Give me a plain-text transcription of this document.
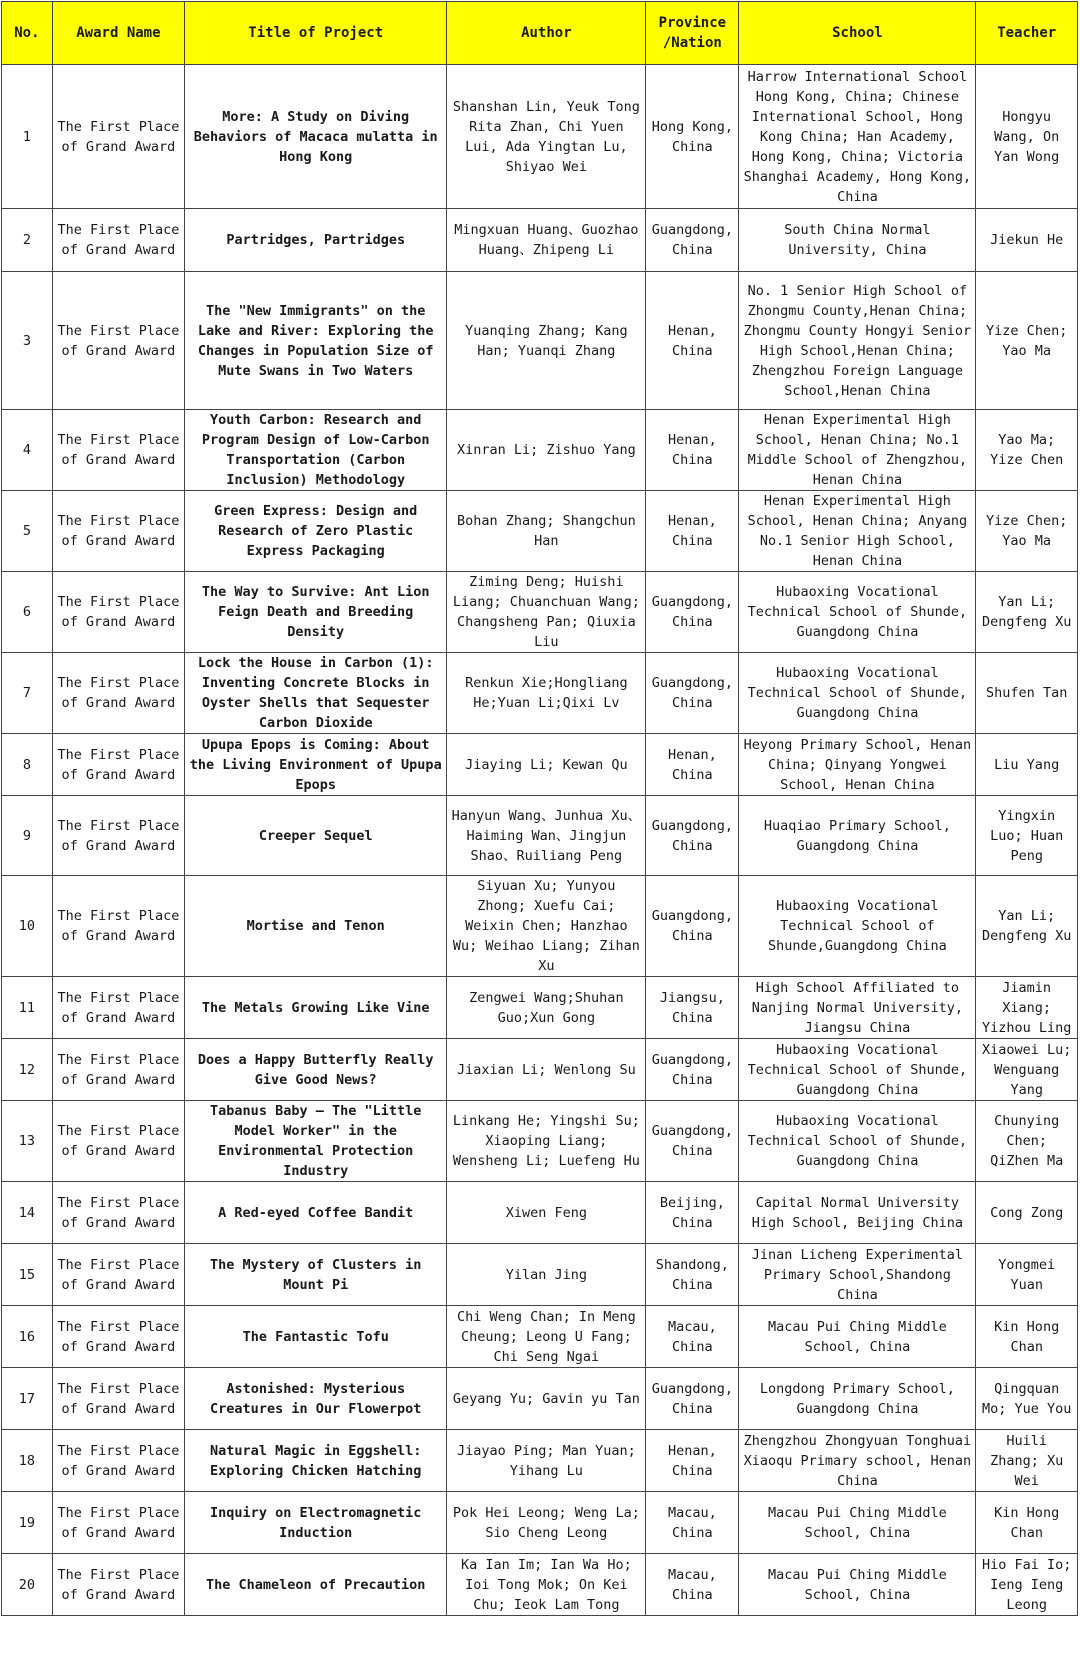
No.	Award Name	Title of Project	Author	Province /Nation	School	Teacher
1	The First Place of Grand Award	More: A Study on Diving Behaviors of Macaca mulatta in Hong Kong	Shanshan Lin, Yeuk Tong Rita Zhan, Chi Yuen Lui, Ada Yingtan Lu, Shiyao Wei	Hong Kong, China	Harrow International School Hong Kong, China; Chinese International School, Hong Kong China; Han Academy, Hong Kong, China; Victoria Shanghai Academy, Hong Kong, China	Hongyu Wang, On Yan Wong
2	The First Place of Grand Award	Partridges, Partridges	Mingxuan Huang、Guozhao Huang、Zhipeng Li	Guangdong, China	South China Normal University, China	Jiekun He
3	The First Place of Grand Award	The "New Immigrants" on the Lake and River: Exploring the Changes in Population Size of Mute Swans in Two Waters	Yuanqing Zhang; Kang Han; Yuanqi Zhang	Henan, China	No. 1 Senior High School of Zhongmu County,Henan China; Zhongmu County Hongyi Senior High School,Henan China; Zhengzhou Foreign Language School,Henan China	Yize Chen; Yao Ma
4	The First Place of Grand Award	Youth Carbon: Research and Program Design of Low-Carbon Transportation (Carbon Inclusion) Methodology	Xinran Li; Zishuo Yang	Henan, China	Henan Experimental High School, Henan China; No.1 Middle School of Zhengzhou, Henan China	Yao Ma; Yize Chen
5	The First Place of Grand Award	Green Express: Design and Research of Zero Plastic Express Packaging	Bohan Zhang; Shangchun Han	Henan, China	Henan Experimental High School, Henan China; Anyang No.1 Senior High School, Henan China	Yize Chen; Yao Ma
6	The First Place of Grand Award	The Way to Survive: Ant Lion Feign Death and Breeding Density	Ziming Deng; Huishi Liang; Chuanchuan Wang; Changsheng Pan; Qiuxia Liu	Guangdong, China	Hubaoxing Vocational Technical School of Shunde, Guangdong China	Yan Li; Dengfeng Xu
7	The First Place of Grand Award	Lock the House in Carbon (1): Inventing Concrete Blocks in Oyster Shells that Sequester Carbon Dioxide	Renkun Xie;Hongliang He;Yuan Li;Qixi Lv	Guangdong, China	Hubaoxing Vocational Technical School of Shunde, Guangdong China	Shufen Tan
8	The First Place of Grand Award	Upupa Epops is Coming: About the Living Environment of Upupa Epops	Jiaying Li; Kewan Qu	Henan, China	Heyong Primary School, Henan China; Qinyang Yongwei School, Henan China	Liu Yang
9	The First Place of Grand Award	Creeper Sequel	Hanyun Wang、Junhua Xu、Haiming Wan、Jingjun Shao、Ruiliang Peng	Guangdong, China	Huaqiao Primary School, Guangdong China	Yingxin Luo; Huan Peng
10	The First Place of Grand Award	Mortise and Tenon	Siyuan Xu; Yunyou Zhong; Xuefu Cai; Weixin Chen; Hanzhao Wu; Weihao Liang; Zihan Xu	Guangdong, China	Hubaoxing Vocational Technical School of Shunde,Guangdong China	Yan Li; Dengfeng Xu
11	The First Place of Grand Award	The Metals Growing Like Vine	Zengwei Wang;Shuhan Guo;Xun Gong	Jiangsu, China	High School Affiliated to Nanjing Normal University, Jiangsu China	Jiamin Xiang; Yizhou Ling
12	The First Place of Grand Award	Does a Happy Butterfly Really Give Good News?	Jiaxian Li; Wenlong Su	Guangdong, China	Hubaoxing Vocational Technical School of Shunde, Guangdong China	Xiaowei Lu; Wenguang Yang
13	The First Place of Grand Award	Tabanus Baby — The "Little Model Worker" in the Environmental Protection Industry	Linkang He; Yingshi Su; Xiaoping Liang; Wensheng Li; Luefeng Hu	Guangdong, China	Hubaoxing Vocational Technical School of Shunde, Guangdong China	Chunying Chen; QiZhen Ma
14	The First Place of Grand Award	A Red-eyed Coffee Bandit	Xiwen Feng	Beijing, China	Capital Normal University High School, Beijing China	Cong Zong
15	The First Place of Grand Award	The Mystery of Clusters in Mount Pi	Yilan Jing	Shandong, China	Jinan Licheng Experimental Primary School,Shandong China	Yongmei Yuan
16	The First Place of Grand Award	The Fantastic Tofu	Chi Weng Chan; In Meng Cheung; Leong U Fang; Chi Seng Ngai	Macau, China	Macau Pui Ching Middle School, China	Kin Hong Chan
17	The First Place of Grand Award	Astonished: Mysterious Creatures in Our Flowerpot	Geyang Yu; Gavin yu Tan	Guangdong, China	Longdong Primary School, Guangdong China	Qingquan Mo; Yue You
18	The First Place of Grand Award	Natural Magic in Eggshell: Exploring Chicken Hatching	Jiayao Ping; Man Yuan; Yihang Lu	Henan, China	Zhengzhou Zhongyuan Tonghuai Xiaoqu Primary school, Henan China	Huili Zhang; Xu Wei
19	The First Place of Grand Award	Inquiry on Electromagnetic Induction	Pok Hei Leong; Weng La; Sio Cheng Leong	Macau, China	Macau Pui Ching Middle School, China	Kin Hong Chan
20	The First Place of Grand Award	The Chameleon of Precaution	Ka Ian Im; Ian Wa Ho; Ioi Tong Mok; On Kei Chu; Ieok Lam Tong	Macau, China	Macau Pui Ching Middle School, China	Hio Fai Io; Ieng Ieng Leong
